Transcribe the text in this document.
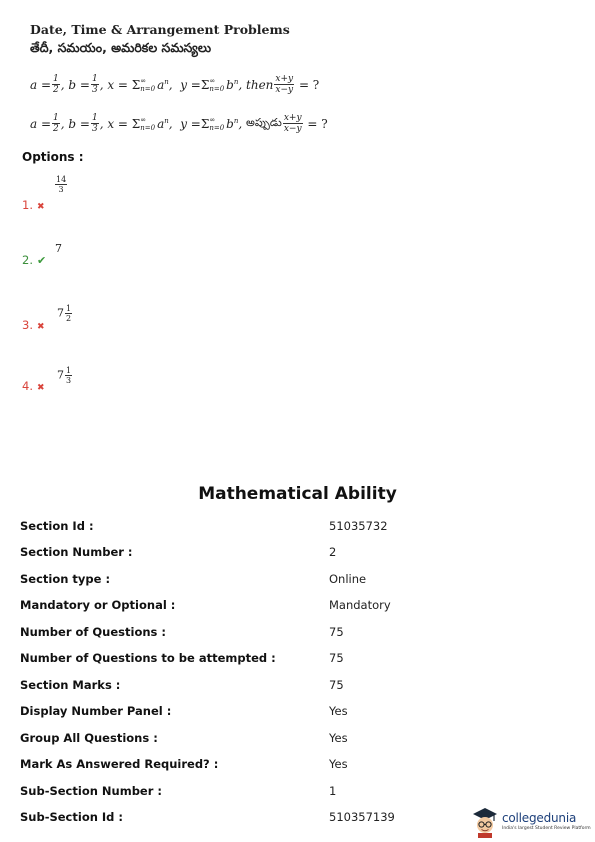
Date, Time & Arrangement Problems
తేదీ, సమయం, అమరికల సమస్యలు
$a = \frac{1}{2}$ , $b = \frac{1}{3}$ , x = Σ ∞
n=0 $a^n$,  y = Σ ∞
n=0 $b^n$, then $\frac{x+y}{x-y}$
= ?
$a = \frac{1}{2}$ , $b = \frac{1}{3}$ , x = Σ ∞
n=0 $a^n$,  y = Σ ∞
n=0 $b^n$, అప్పుడు $\frac{x+y}{x-y}$
= ?
Options :
1. ✖
$\frac{14}{3}$
2. ✔
7
3. ✖
$7 \frac{1}{2}$
4. ✖
$7 \frac{1}{3}$
Mathematical Ability
Section Id :	51035732
Section Number :	2
Section type :	Online
Mandatory or Optional :	Mandatory
Number of Questions :	75
Number of Questions to be attempted :	75
Section Marks :	75
Display Number Panel :	Yes
Group All Questions :	Yes
Mark As Answered Required? :	Yes
Sub-Section Number :	1
Sub-Section Id :	510357139	collegedunia
India's largest Student Review Platform
